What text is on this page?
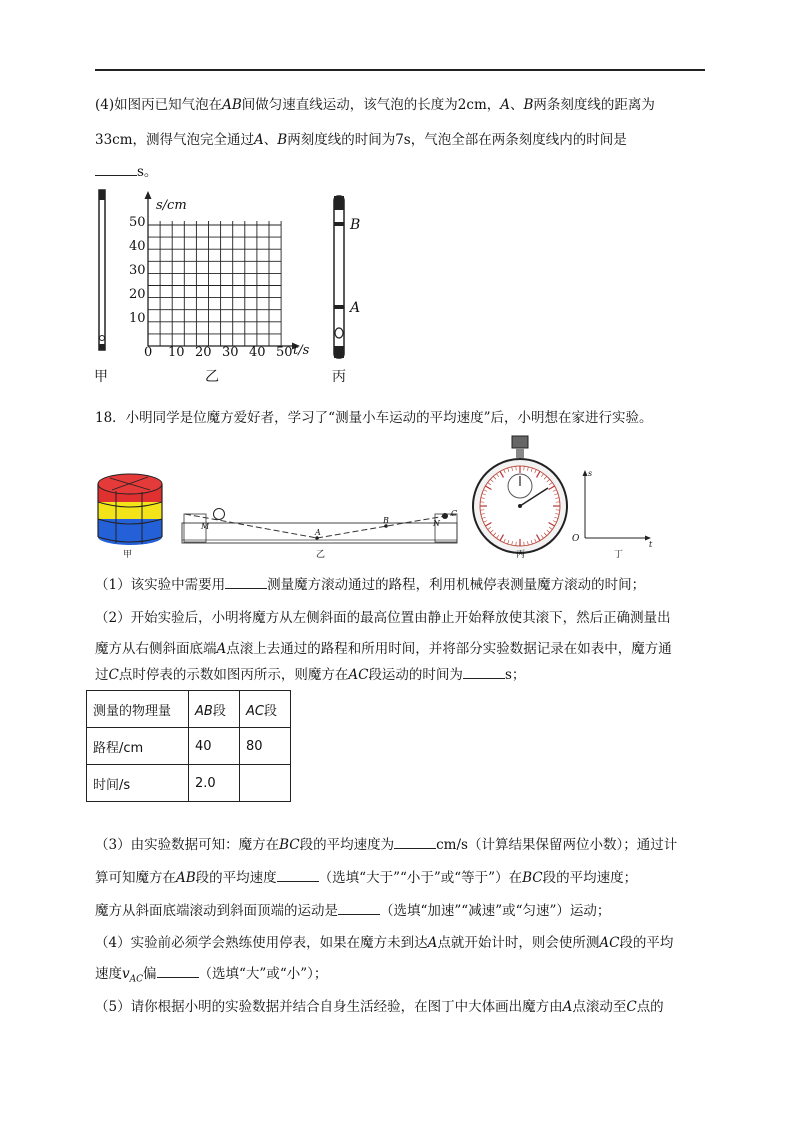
(4)如图丙已知气泡在AB间做匀速直线运动，该气泡的长度为2cm，A、B两条刻度线的距离为
33cm，测得气泡完全通过A、B两刻度线的时间为7s，气泡全部在两条刻度线内的时间是
s。
s/cm
t/s
10
20
30
40
50
0 10 20 30 40 50
B
A
甲	乙	丙
18．小明同学是位魔方爱好者，学习了“测量小车运动的平均速度”后，小明想在家进行实验。
M
A
B	N
C
s
t
O
甲	乙	丙	丁
（1）该实验中需要用	测量魔方滚动通过的路程，利用机械停表测量魔方滚动的时间；
（2）开始实验后，小明将魔方从左侧斜面的最高位置由静止开始释放使其滚下，然后正确测量出
魔方从右侧斜面底端A点滚上去通过的路程和所用时间，并将部分实验数据记录在如表中，魔方通
过C点时停表的示数如图丙所示，则魔方在AC段运动的时间为	s；
测量的物理量	AB段	AC段
路程/cm	40	80
时间/s	2.0	
（3）由实验数据可知：魔方在BC段的平均速度为	cm/s（计算结果保留两位小数）；通过计
算可知魔方在AB段的平均速度	（选填“大于”“小于”或“等于”）在BC段的平均速度；
魔方从斜面底端滚动到斜面顶端的运动是	（选填“加速”“减速”或“匀速”）运动；
（4）实验前必须学会熟练使用停表，如果在魔方未到达A点就开始计时，则会使所测AC段的平均
速度$v_{AC}$偏	（选填“大”或“小”）；
（5）请你根据小明的实验数据并结合自身生活经验，在图丁中大体画出魔方由A点滚动至C点的
